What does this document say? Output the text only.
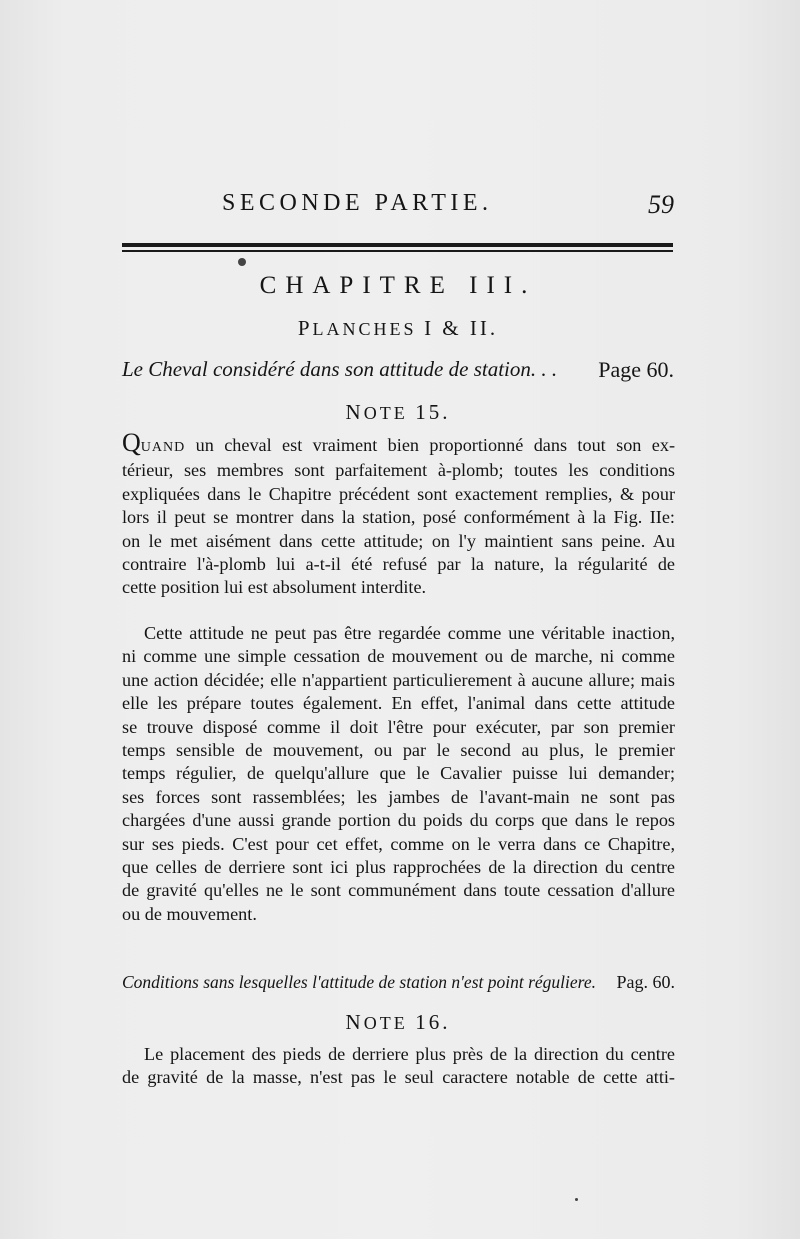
SECONDE PARTIE.	59
CHAPITRE III.
PLANCHES I & II.
Le Cheval considéré dans son attitude de station. . . Page 60.
NOTE 15.
QUAND un cheval est vraiment bien proportionné dans tout son ex-
térieur, ses membres sont parfaitement à-plomb; toutes les conditions
expliquées dans le Chapitre précédent sont exactement remplies, & pour
lors il peut se montrer dans la station, posé conformément à la Fig. IIe:
on le met aisément dans cette attitude; on l'y maintient sans peine. Au
contraire l'à-plomb lui a-t-il été refusé par la nature, la régularité de
cette position lui est absolument interdite.
Cette attitude ne peut pas être regardée comme une véritable inaction,
ni comme une simple cessation de mouvement ou de marche, ni comme
une action décidée; elle n'appartient particulierement à aucune allure; mais
elle les prépare toutes également. En effet, l'animal dans cette attitude
se trouve disposé comme il doit l'être pour exécuter, par son premier
temps sensible de mouvement, ou par le second au plus, le premier
temps régulier, de quelqu'allure que le Cavalier puisse lui demander;
ses forces sont rassemblées; les jambes de l'avant-main ne sont pas
chargées d'une aussi grande portion du poids du corps que dans le repos
sur ses pieds. C'est pour cet effet, comme on le verra dans ce Chapitre,
que celles de derriere sont ici plus rapprochées de la direction du centre
de gravité qu'elles ne le sont communément dans toute cessation d'allure
ou de mouvement.
Conditions sans lesquelles l'attitude de station n'est point réguliere. Pag. 60.
NOTE 16.
Le placement des pieds de derriere plus près de la direction du centre
de gravité de la masse, n'est pas le seul caractere notable de cette atti-
